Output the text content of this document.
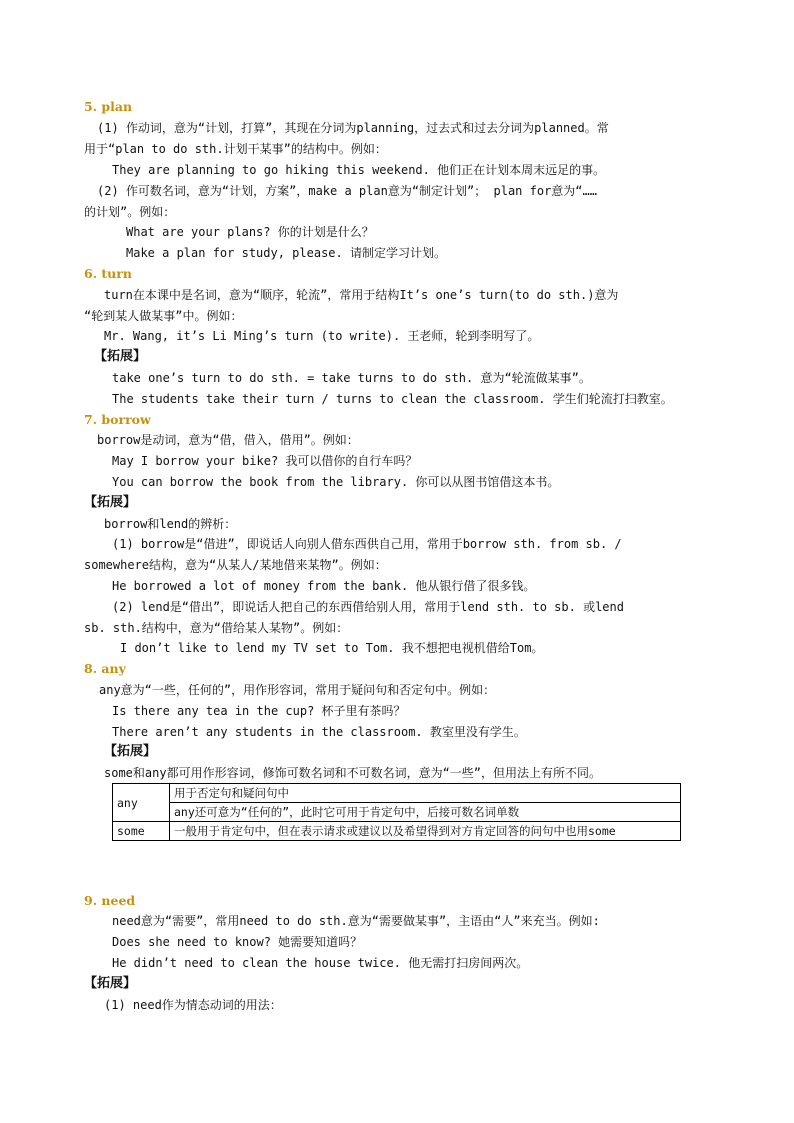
5. plan
(1) 作动词，意为“计划，打算”，其现在分词为planning，过去式和过去分词为planned。常
用于“plan to do sth.计划干某事”的结构中。例如：
They are planning to go hiking this weekend. 他们正在计划本周末远足的事。
(2) 作可数名词，意为“计划，方案”，make a plan意为“制定计划”； plan for意为“……
的计划”。例如：
What are your plans? 你的计划是什么？
Make a plan for study, please. 请制定学习计划。
6. turn
turn在本课中是名词，意为“顺序，轮流”，常用于结构It’s one’s turn(to do sth.)意为
“轮到某人做某事”中。例如：
Mr. Wang, it’s Li Ming’s turn (to write). 王老师，轮到李明写了。
【拓展】
take one’s turn to do sth. = take turns to do sth. 意为“轮流做某事”。
The students take their turn / turns to clean the classroom. 学生们轮流打扫教室。
7. borrow
borrow是动词，意为“借，借入，借用”。例如：
May I borrow your bike? 我可以借你的自行车吗？
You can borrow the book from the library. 你可以从图书馆借这本书。
【拓展】
borrow和lend的辨析：
(1) borrow是“借进”，即说话人向别人借东西供自己用，常用于borrow sth. from sb. /
somewhere结构，意为“从某人/某地借来某物”。例如：
He borrowed a lot of money from the bank. 他从银行借了很多钱。
(2) lend是“借出”，即说话人把自己的东西借给别人用，常用于lend sth. to sb. 或lend
sb. sth.结构中，意为“借给某人某物”。例如：
I don’t like to lend my TV set to Tom. 我不想把电视机借给Tom。
8. any
any意为“一些，任何的”，用作形容词，常用于疑问句和否定句中。例如：
Is there any tea in the cup? 杯子里有茶吗？
There aren’t any students in the classroom. 教室里没有学生。
【拓展】
some和any都可用作形容词，修饰可数名词和不可数名词，意为“一些”，但用法上有所不同。
any	用于否定句和疑问句中
	any还可意为“任何的”，此时它可用于肯定句中，后接可数名词单数
some	一般用于肯定句中，但在表示请求或建议以及希望得到对方肯定回答的问句中也用some
9. need
need意为“需要”，常用need to do sth.意为“需要做某事”，主语由“人”来充当。例如:
Does she need to know? 她需要知道吗？
He didn’t need to clean the house twice. 他无需打扫房间两次。
【拓展】
(1) need作为情态动词的用法：
